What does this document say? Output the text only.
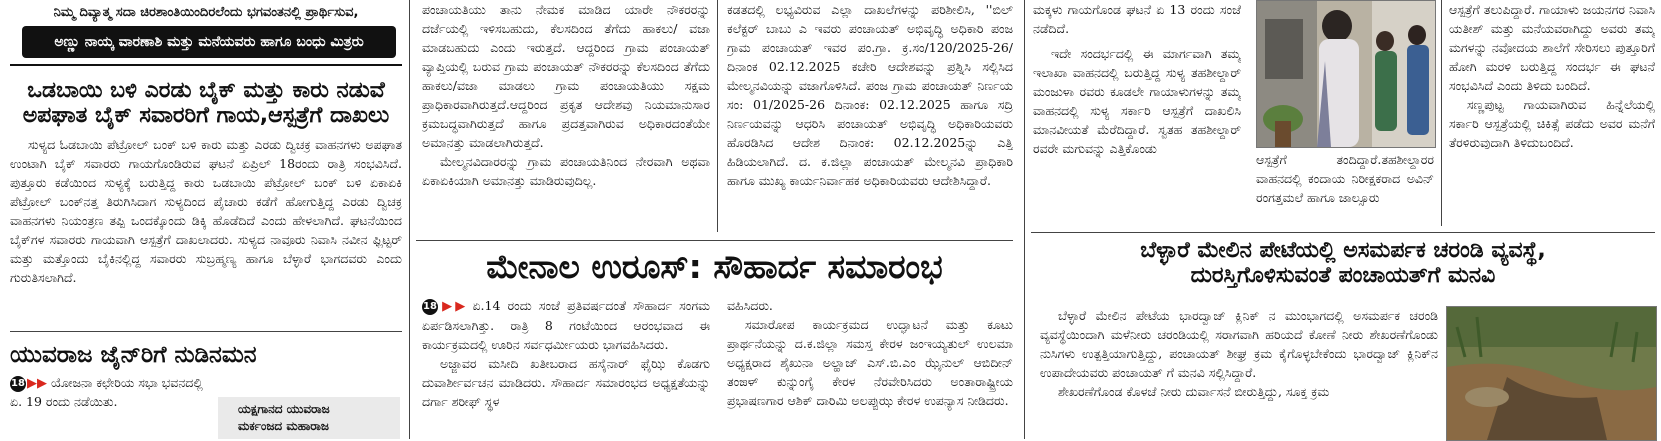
ನಿಮ್ಮ ದಿವ್ಯಾತ್ಮ ಸದಾ ಚಿರಶಾಂತಿಯಿಂದಿರಲೆಂದು ಭಗವಂತನಲ್ಲಿ ಪ್ರಾರ್ಥಿಸುವ,
ಅಣ್ಣು ನಾಯ್ಕ ವಾರಣಾಶಿ ಮತ್ತು ಮನೆಯವರು ಹಾಗೂ ಬಂಧು ಮಿತ್ರರು
ಒಡಬಾಯಿ ಬಳಿ ಎರಡು ಬೈಕ್ ಮತ್ತು ಕಾರು ನಡುವೆ
ಅಪಘಾತ ಬೈಕ್ ಸವಾರರಿಗೆ ಗಾಯ,ಆಸ್ಪತ್ರೆಗೆ ದಾಖಲು

ಸುಳ್ಯದ ಓಡಬಾಯಿ ಪೆಟ್ರೋಲ್ ಬಂಕ್ ಬಳಿ ಕಾರು ಮತ್ತು ಎರಡು ದ್ವಿಚಕ್ರ ವಾಹನಗಳು ಅಪಘಾತ ಉಂಟಾಗಿ ಬೈಕ್ ಸವಾರರು ಗಾಯಗೊಂಡಿರುವ ಘಟನೆ ಏಪ್ರಿಲ್ 18ರಂದು ರಾತ್ರಿ ಸಂಭವಿಸಿದೆ. ಪುತ್ತೂರು ಕಡೆಯಿಂದ ಸುಳ್ಯಕ್ಕೆ ಬರುತ್ತಿದ್ದ ಕಾರು ಒಡಬಾಯಿ ಪೆಟ್ರೋಲ್ ಬಂಕ್ ಬಳಿ ಏಕಾಏಕಿ ಪೆಟ್ರೋಲ್ ಬಂಕ್‌ನತ್ತ ತಿರುಗಿಸಿದಾಗ ಸುಳ್ಯದಿಂದ ಪೈಚಾರು ಕಡೆಗೆ ಹೋಗುತ್ತಿದ್ದ ಎರಡು ದ್ವಿಚಕ್ರ ವಾಹನಗಳು ನಿಯಂತ್ರಣ ತಪ್ಪಿ ಒಂದಕ್ಕೊಂದು ಡಿಕ್ಕಿ ಹೊಡೆದಿದೆ ಎಂದು ಹೇಳಲಾಗಿದೆ. ಘಟನೆಯಿಂದ ಬೈಕ್‌ಗಳ ಸವಾರರು ಗಾಯವಾಗಿ ಆಸ್ಪತ್ರೆಗೆ ದಾಖಲಾದರು. ಸುಳ್ಯದ ನಾವೂರು ನಿವಾಸಿ ನವೀನ ಫ್ಲಿಟ್ಟರ್ ಮತ್ತು ಮತ್ತೊಂದು ಬೈಕಿನಲ್ಲಿದ್ದ ಸವಾರರು ಸುಬ್ರಹ್ಮಣ್ಯ ಹಾಗೂ ಬೆಳ್ಳಾರೆ ಭಾಗದವರು ಎಂದು ಗುರುತಿಸಲಾಗಿದೆ.

ಯುವರಾಜ ಜೈನ್‌ರಿಗೆ ನುಡಿನಮನ
18 ▶▶ ಯೋಜನಾ ಕಛೇರಿಯ ಸಭಾ ಭವನದಲ್ಲಿ ಏ. 19 ರಂದು ನಡೆಯಿತು.
ಯಕ್ಷಗಾನದ ಯುವರಾಜ
ಮರ್ಕಂಜದ ಮಹಾರಾಜ

ಪಂಚಾಯತಿಯು ತಾನು ನೇಮಕ ಮಾಡಿದ ಯಾರೇ ನೌಕರರನ್ನು ದರ್ಜೆಯಲ್ಲಿ ಇಳಿಸಬಹುದು, ಕೆಲಸದಿಂದ ತೆಗೆದು ಹಾಕಲು/ ವಜಾ ಮಾಡಬಹುದು ಎಂದು ಇರುತ್ತದೆ. ಆದ್ದರಿಂದ ಗ್ರಾಮ ಪಂಚಾಯತ್ ವ್ಯಾಪ್ತಿಯಲ್ಲಿ ಬರುವ ಗ್ರಾಮ ಪಂಚಾಯತ್ ನೌಕರರನ್ನು ಕೆಲಸದಿಂದ ತೆಗೆದು ಹಾಕಲು/ವಜಾ ಮಾಡಲು ಗ್ರಾಮ ಪಂಚಾಯತಿಯು ಸಕ್ಷಮ ಪ್ರಾಧಿಕಾರವಾಗಿರುತ್ತದೆ.ಆದ್ದರಿಂದ ಪ್ರಕೃತ ಆದೇಶವು ನಿಯಮಾನುಸಾರ ಕ್ರಮಬದ್ಧವಾಗಿರುತ್ತದೆ ಹಾಗೂ ಪ್ರದತ್ತವಾಗಿರುವ ಅಧಿಕಾರದಂತೆಯೇ ಅಮಾನತ್ತು ಮಾಡಲಾಗಿರುತ್ತದೆ.

ಮೇಲ್ಮನವಿದಾರರನ್ನು ಗ್ರಾಮ ಪಂಚಾಯತಿನಿಂದ ನೇರವಾಗಿ ಅಥವಾ ಏಕಾಏಕಿಯಾಗಿ ಅಮಾನತ್ತು ಮಾಡಿರುವುದಿಲ್ಲ.

ಕಡತದಲ್ಲಿ ಲಭ್ಯವಿರುವ ಎಲ್ಲಾ ದಾಖಲೆಗಳನ್ನು ಪರಿಶೀಲಿಸಿ, ''ಬಿಲ್ ಕಲೆಕ್ಟರ್ ಬಾಬು ಎ ಇವರು ಪಂಚಾಯತ್ ಅಭಿವೃದ್ಧಿ ಅಧಿಕಾರಿ ಪಂಜ ಗ್ರಾಮ ಪಂಚಾಯತ್ ಇವರ ಪಂ.ಗ್ರಾ. ಕ್ರ.ಸಂ/120/2025-26/ದಿನಾಂಕ 02.12.2025 ಕಚೇರಿ ಆದೇಶವನ್ನು ಪ್ರಶ್ನಿಸಿ ಸಲ್ಲಿಸಿದ ಮೇಲ್ಮನವಿಯನ್ನು ವಜಾಗೊಳಿಸಿದೆ. ಪಂಜ ಗ್ರಾಮ ಪಂಚಾಯತ್ ನಿರ್ಣಯ ಸಂ: 01/2025-26 ದಿನಾಂಕ: 02.12.2025 ಹಾಗೂ ಸದ್ರಿ ನಿರ್ಣಯವನ್ನು ಆಧರಿಸಿ ಪಂಚಾಯತ್ ಅಭಿವೃದ್ಧಿ ಅಧಿಕಾರಿಯವರು ಹೊರಡಿಸಿದ ಆದೇಶ ದಿನಾಂಕ: 02.12.2025ನ್ನು ಎತ್ತಿ ಹಿಡಿಯಲಾಗಿದೆ. ದ. ಕ.ಜಿಲ್ಲಾ ಪಂಚಾಯತ್ ಮೇಲ್ಮನವಿ ಪ್ರಾಧಿಕಾರಿ ಹಾಗೂ ಮುಖ್ಯ ಕಾರ್ಯನಿರ್ವಾಹಕ ಅಧಿಕಾರಿಯವರು ಆದೇಶಿಸಿದ್ದಾರೆ.

ಮೇನಾಲ ಉರೂಸ್: ಸೌಹಾರ್ದ ಸಮಾರಂಭ

18 ▶▶ ಏ.14 ರಂದು ಸಂಜೆ ಪ್ರತಿವರ್ಷದಂತೆ ಸೌಹಾರ್ದ ಸಂಗಮ ಏರ್ಪಡಿಸಲಾಗಿತ್ತು. ರಾತ್ರಿ 8 ಗಂಟೆಯಿಂದ ಆರಂಭವಾದ ಈ ಕಾರ್ಯಕ್ರಮದಲ್ಲಿ ಊರಿನ ಸರ್ವಧರ್ಮೀಯರು ಭಾಗವಹಿಸಿದರು.

ಅಜ್ಜಾವರ ಮಸೀದಿ ಖತೀಬರಾದ ಹಸೈನಾರ್ ಫೈಝಿ ಕೊಡಗು ದುವಾರ್ಶೀರ್ವಚನ ಮಾಡಿದರು. ಸೌಹಾರ್ದ ಸಮಾರಂಭದ ಅಧ್ಯಕ್ಷತೆಯನ್ನು ದರ್ಗಾ ಶರೀಫ್ ಸ್ಥಳ

ವಹಿಸಿದರು.

ಸಮಾರೋಪ ಕಾರ್ಯಕ್ರಮದ ಉದ್ಘಾಟನೆ ಮತ್ತು ಕೂಟು ಪ್ರಾರ್ಥನೆಯನ್ನು ದ.ಕ.ಜಿಲ್ಲಾ ಸಮಸ್ತ ಕೇರಳ ಜಂಇಯ್ಯತುಲ್ ಉಲಮಾ ಅಧ್ಯಕ್ಷರಾದ ಶೈಖುನಾ ಅಲ್ಹಾಜ್ ಎಸ್.ಬಿ.ಎಂ ಝೈನುಲ್ ಆಬಿದೀನ್ ತಂಙಳ್ ಕುನ್ನುಂಗೈ ಕೇರಳ ನೆರವೇರಿಸಿದರು ಅಂತಾರಾಷ್ಟ್ರೀಯ ಪ್ರಭಾಷಣಗಾರ ಆಶಿಕ್ ದಾರಿಮಿ ಅಲಪ್ಪುಝ ಕೇರಳ ಉಪನ್ಯಾಸ ನೀಡಿದರು.

ಮಕ್ಕಳು ಗಾಯಗೊಂಡ ಘಟನೆ ಏ 13 ರಂದು ಸಂಜೆ ನಡೆದಿದೆ.

ಇದೇ ಸಂದರ್ಭದಲ್ಲಿ ಈ ಮಾರ್ಗವಾಗಿ ತಮ್ಮ ಇಲಾಖಾ ವಾಹನದಲ್ಲಿ ಬರುತ್ತಿದ್ದ ಸುಳ್ಯ ತಹಶೀಲ್ದಾರ್ ಮಂಜುಳಾ ರವರು ಕೂಡಲೇ ಗಾಯಾಳುಗಳನ್ನು ತಮ್ಮ ವಾಹನದಲ್ಲಿ ಸುಳ್ಯ ಸರ್ಕಾರಿ ಆಸ್ಪತ್ರೆಗೆ ದಾಖಲಿಸಿ ಮಾನವೀಯತೆ ಮೆರೆದಿದ್ದಾರೆ. ಸ್ವತಹ ತಹಶೀಲ್ದಾರ್ ರವರೇ ಮಗುವನ್ನು ಎತ್ತಿಕೊಂಡು

ಆಸ್ಪತ್ರೆಗೆ ತಂದಿದ್ದಾರೆ.ತಹಶೀಲ್ದಾರರ ವಾಹನದಲ್ಲಿ ಕಂದಾಯ ನಿರೀಕ್ಷಕರಾದ ಅವಿನ್ ರಂಗತ್ತಮಲೆ ಹಾಗೂ ಜಾಲ್ಸೂರು

ಆಸ್ಪತ್ರೆಗೆ ತಲುಪಿದ್ದಾರೆ. ಗಾಯಾಳು ಜಯನಗರ ನಿವಾಸಿ ಯತೀಶ್ ಮತ್ತು ಮನೆಯವರಾಗಿದ್ದು ಅವರು ತಮ್ಮ ಮಗಳನ್ನು ನವೋದಯ ಶಾಲೆಗೆ ಸೇರಿಸಲು ಪುತ್ತೂರಿಗೆ ಹೋಗಿ ಮರಳಿ ಬರುತ್ತಿದ್ದ ಸಂದರ್ಭ ಈ ಘಟನೆ ಸಂಭವಿಸಿದೆ ಎಂದು ತಿಳಿದು ಬಂದಿದೆ.

ಸಣ್ಣಪುಟ್ಟ ಗಾಯವಾಗಿರುವ ಹಿನ್ನೆಲೆಯಲ್ಲಿ ಸರ್ಕಾರಿ ಆಸ್ಪತ್ರೆಯಲ್ಲಿ ಚಿಕಿತ್ಸೆ ಪಡೆದು ಅವರ ಮನೆಗೆ ತೆರಳಿರುವುದಾಗಿ ತಿಳಿದುಬಂದಿದೆ.

ಬೆಳ್ಳಾರೆ ಮೇಲಿನ ಪೇಟೆಯಲ್ಲಿ ಅಸಮರ್ಪಕ ಚರಂಡಿ ವ್ಯವಸ್ಥೆ,
ದುರಸ್ತಿಗೊಳಿಸುವಂತೆ ಪಂಚಾಯತ್‌ಗೆ ಮನವಿ

ಬೆಳ್ಳಾರೆ ಮೇಲಿನ ಪೇಟೆಯ ಭಾರದ್ವಾಜ್ ಕ್ಲಿನಿಕ್ ನ ಮುಂಭಾಗದಲ್ಲಿ ಅಸಮರ್ಪಕ ಚರಂಡಿ ವ್ಯವಸ್ಥೆಯಿಂದಾಗಿ ಮಳೆನೀರು ಚರಂಡಿಯಲ್ಲಿ ಸರಾಗವಾಗಿ ಹರಿಯದೆ ಕೋಣೆ ನೀರು ಶೇಖರಣೆಗೊಂಡು ನುಸಿಗಳು ಉತ್ಪತ್ತಿಯಾಗುತ್ತಿದ್ದು, ಪಂಚಾಯತ್ ಶೀಘ್ರ ಕ್ರಮ ಕೈಗೊಳ್ಳಬೇಕೆಂದು ಭಾರದ್ವಾಜ್ ಕ್ಲಿನಿಕ್‌ನ ಉಪಾದೇಯವರು ಪಂಚಾಯತ್ ಗೆ ಮನವಿ ಸಲ್ಲಿಸಿದ್ದಾರೆ.

ಶೇಖರಣೆಗೊಂಡ ಕೊಳಚೆ ನೀರು ದುರ್ವಾಸನೆ ಬೀರುತ್ತಿದ್ದು, ಸೂಕ್ತ ಕ್ರಮ
